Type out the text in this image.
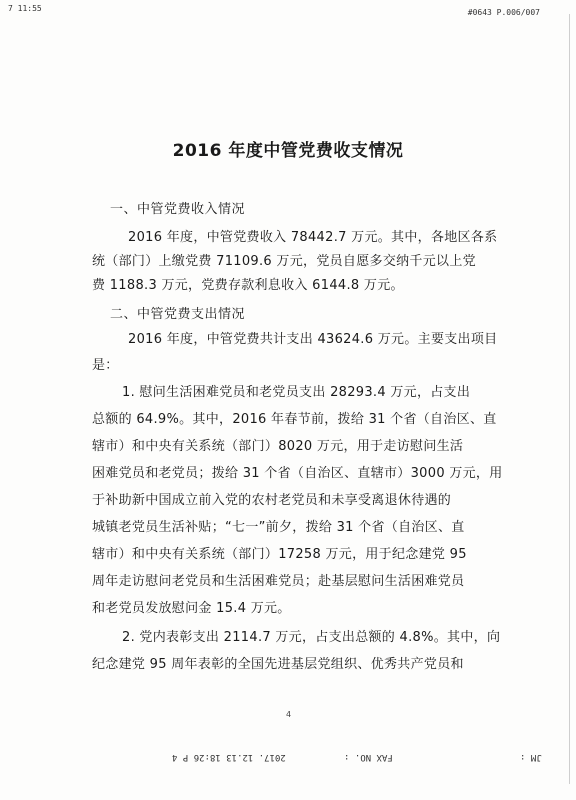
7 11:55	#0643 P.006/007
2016 年度中管党费收支情况
一、中管党费收入情况
2016 年度，中管党费收入 78442.7 万元。其中，各地区各系
统（部门）上缴党费 71109.6 万元，党员自愿多交纳千元以上党
费 1188.3 万元，党费存款利息收入 6144.8 万元。
二、中管党费支出情况
2016 年度，中管党费共计支出 43624.6 万元。主要支出项目
是：
1. 慰问生活困难党员和老党员支出 28293.4 万元，占支出
总额的 64.9%。其中，2016 年春节前，拨给 31 个省（自治区、直
辖市）和中央有关系统（部门）8020 万元，用于走访慰问生活
困难党员和老党员；拨给 31 个省（自治区、直辖市）3000 万元，用
于补助新中国成立前入党的农村老党员和未享受离退休待遇的
城镇老党员生活补贴；“七一”前夕，拨给 31 个省（自治区、直
辖市）和中央有关系统（部门）17258 万元，用于纪念建党 95
周年走访慰问老党员和生活困难党员；赴基层慰问生活困难党员
和老党员发放慰问金 15.4 万元。
2. 党内表彰支出 2114.7 万元，占支出总额的 4.8%。其中，向
纪念建党 95 周年表彰的全国先进基层党组织、优秀共产党员和
4
2017. 12.13 18:26 P 4	FAX NO. :	JM :
